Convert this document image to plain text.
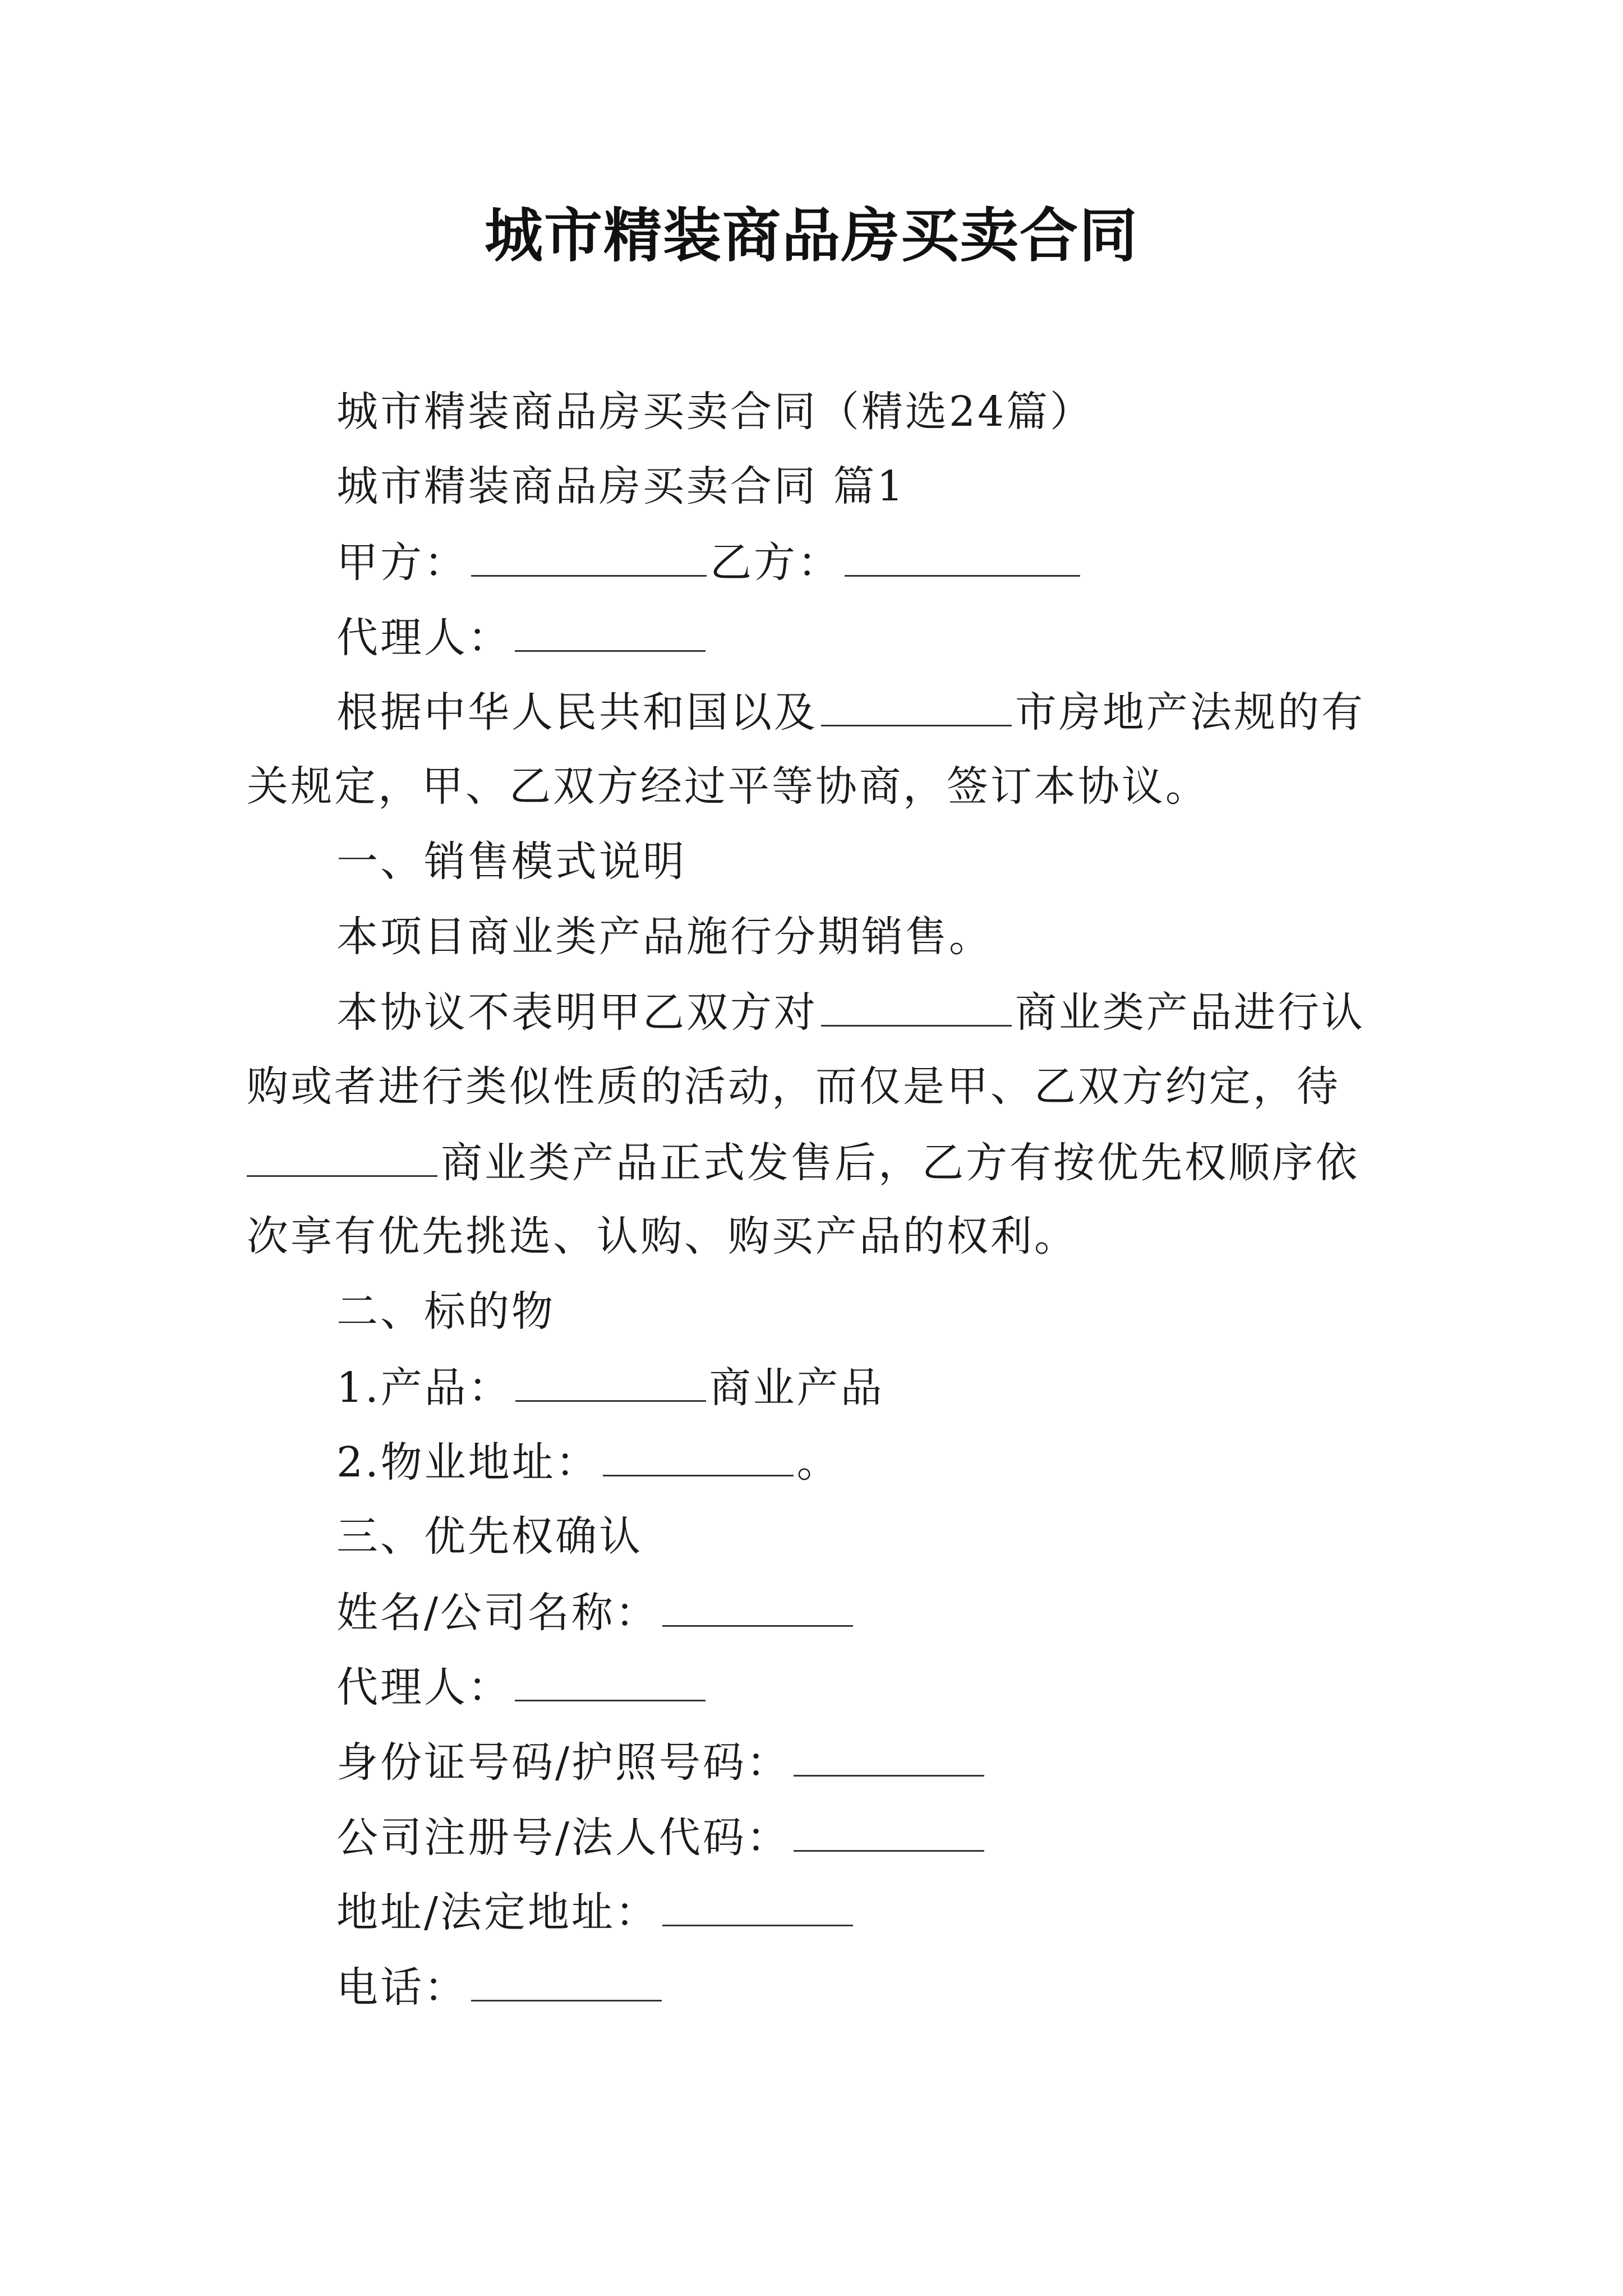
城市精装商品房买卖合同
城市精装商品房买卖合同（精选24篇）
城市精装商品房买卖合同 篇1
甲方：	乙方：
代理人：
根据中华人民共和国以及	市房地产法规的有
关规定，甲、乙双方经过平等协商，签订本协议。
一、销售模式说明
本项目商业类产品施行分期销售。
本协议不表明甲乙双方对	商业类产品进行认
购或者进行类似性质的活动，而仅是甲、乙双方约定，待
商业类产品正式发售后，乙方有按优先权顺序依
次享有优先挑选、认购、购买产品的权利。
二、标的物
1.产品：	商业产品
2.物业地址：	。
三、优先权确认
姓名/公司名称：
代理人：
身份证号码/护照号码：
公司注册号/法人代码：
地址/法定地址：
电话：
